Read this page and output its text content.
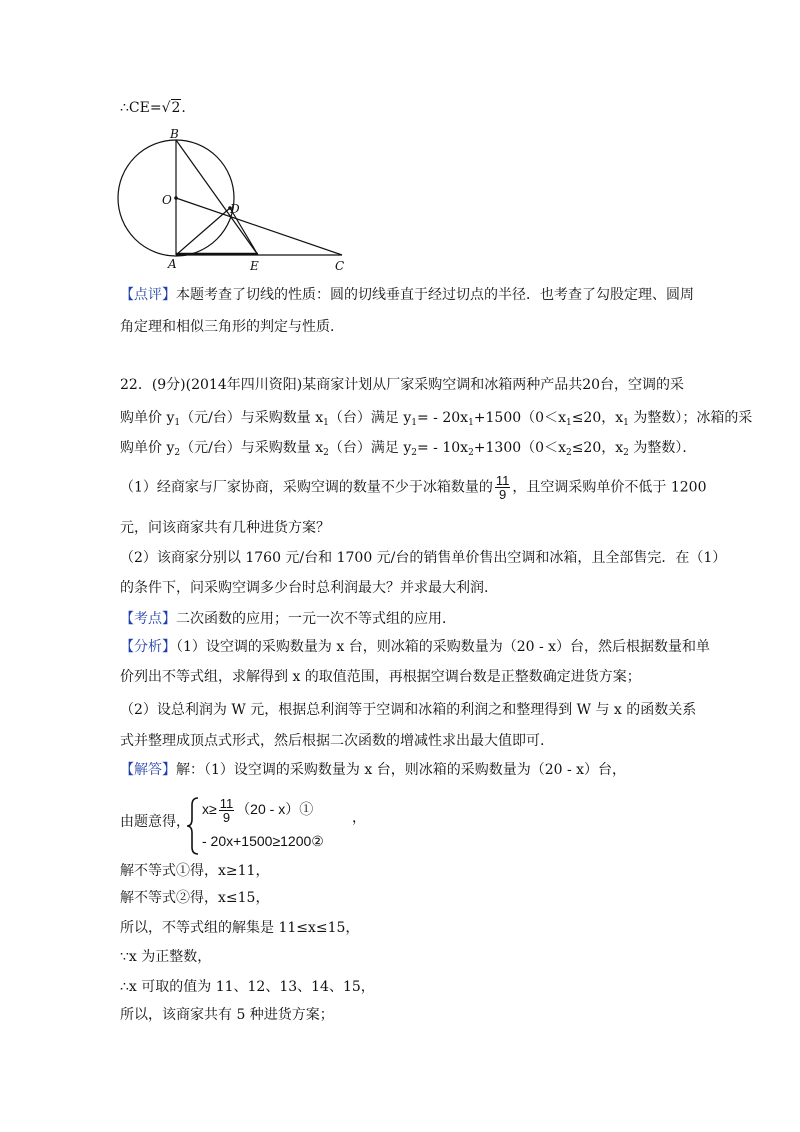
∴CE=√2.
B
O
D
A	E	C
【点评】本题考查了切线的性质：圆的切线垂直于经过切点的半径．也考查了勾股定理、圆周
角定理和相似三角形的判定与性质．
22．(9分)(2014年四川资阳)某商家计划从厂家采购空调和冰箱两种产品共20台，空调的采
购单价 $y_1$（元/台）与采购数量 $x_1$（台）满足 $y_1= - 20x_1+1500(0<x_1\le 20$，$x_1$ 为整数）；冰箱的采
购单价 $y_2$（元/台）与采购数量 $x_2$（台）满足 $y_2= - 10x_2+1300(0<x_2\le 20$，$x_2$ 为整数）．
（1）经商家与厂家协商，采购空调的数量不少于冰箱数量的 $\frac{11}{9}$ ，且空调采购单价不低于 1200
元，问该商家共有几种进货方案？
（2）该商家分别以 1760 元/台和 1700 元/台的销售单价售出空调和冰箱，且全部售完．在（1）
的条件下，问采购空调多少台时总利润最大？并求最大利润.
【考点】二次函数的应用；一元一次不等式组的应用．
【分析】（1）设空调的采购数量为 x 台，则冰箱的采购数量为（20 - x）台，然后根据数量和单
价列出不等式组，求解得到 x 的取值范围，再根据空调台数是正整数确定进货方案；
（2）设总利润为 W 元，根据总利润等于空调和冰箱的利润之和整理得到 W 与 x 的函数关系
式并整理成顶点式形式，然后根据二次函数的增减性求出最大值即可.
【解答】解：（1）设空调的采购数量为 x 台，则冰箱的采购数量为（20 - x）台，
由题意得，
$x\ge \frac{11}{9} (20$ - x）①
- 20x+1500≥1200②
，
解不等式①得，x≥11，
解不等式②得，x≤15，
所以，不等式组的解集是 11≤x≤15，
∵x 为正整数，
∴x 可取的值为 11、12、13、14、15，
所以，该商家共有 5 种进货方案；
